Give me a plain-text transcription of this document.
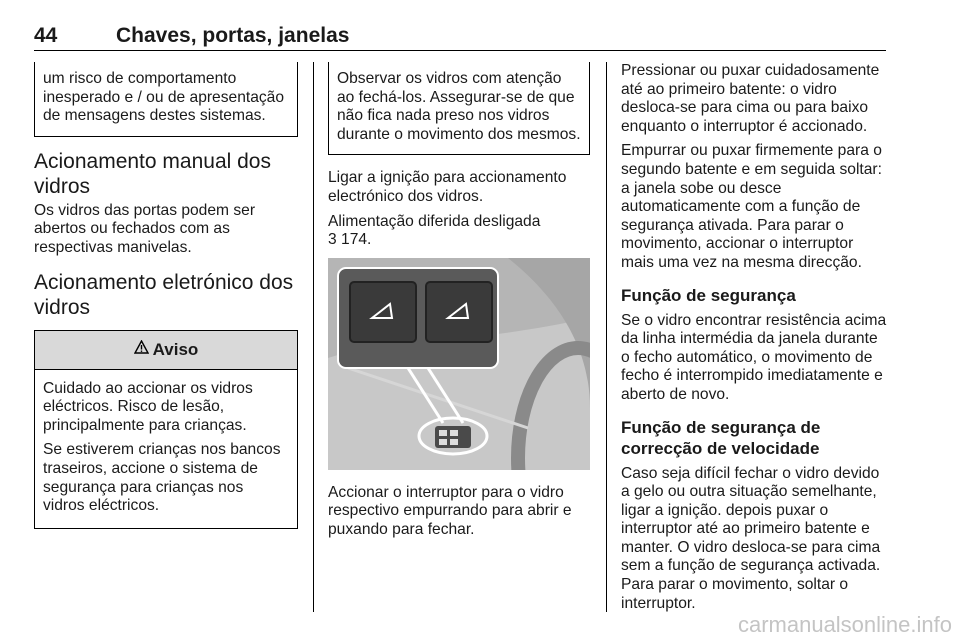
44	Chaves, portas, janelas

um risco de comportamento inesperado e / ou de apresentação de mensagens destes sistemas.

Acionamento manual dos vidros

Os vidros das portas podem ser abertos ou fechados com as respectivas manivelas.

Acionamento eletrónico dos vidros
Aviso

Cuidado ao accionar os vidros eléctricos. Risco de lesão, principalmente para crianças.

Se estiverem crianças nos bancos traseiros, accione o sistema de segurança para crianças nos vidros eléctricos.

Observar os vidros com atenção ao fechá-los. Assegurar-se de que não fica nada preso nos vidros durante o movimento dos mesmos.

Ligar a ignição para accionamento electrónico dos vidros.

Alimentação diferida desligada

3 174.

Accionar o interruptor para o vidro respectivo empurrando para abrir e puxando para fechar.

Pressionar ou puxar cuidadosamente até ao primeiro batente: o vidro desloca-se para cima ou para baixo enquanto o interruptor é accionado.

Empurrar ou puxar firmemente para o segundo batente e em seguida soltar: a janela sobe ou desce automaticamente com a função de segurança ativada. Para parar o movimento, accionar o interruptor mais uma vez na mesma direcção.

Função de segurança

Se o vidro encontrar resistência acima da linha intermédia da janela durante o fecho automático, o movimento de fecho é interrompido imediatamente e aberto de novo.

Função de segurança de correcção de velocidade

Caso seja difícil fechar o vidro devido a gelo ou outra situação semelhante, ligar a ignição. depois puxar o interruptor até ao primeiro batente e manter. O vidro desloca-se para cima sem a função de segurança activada. Para parar o movimento, soltar o interruptor.

carmanualsonline.info
